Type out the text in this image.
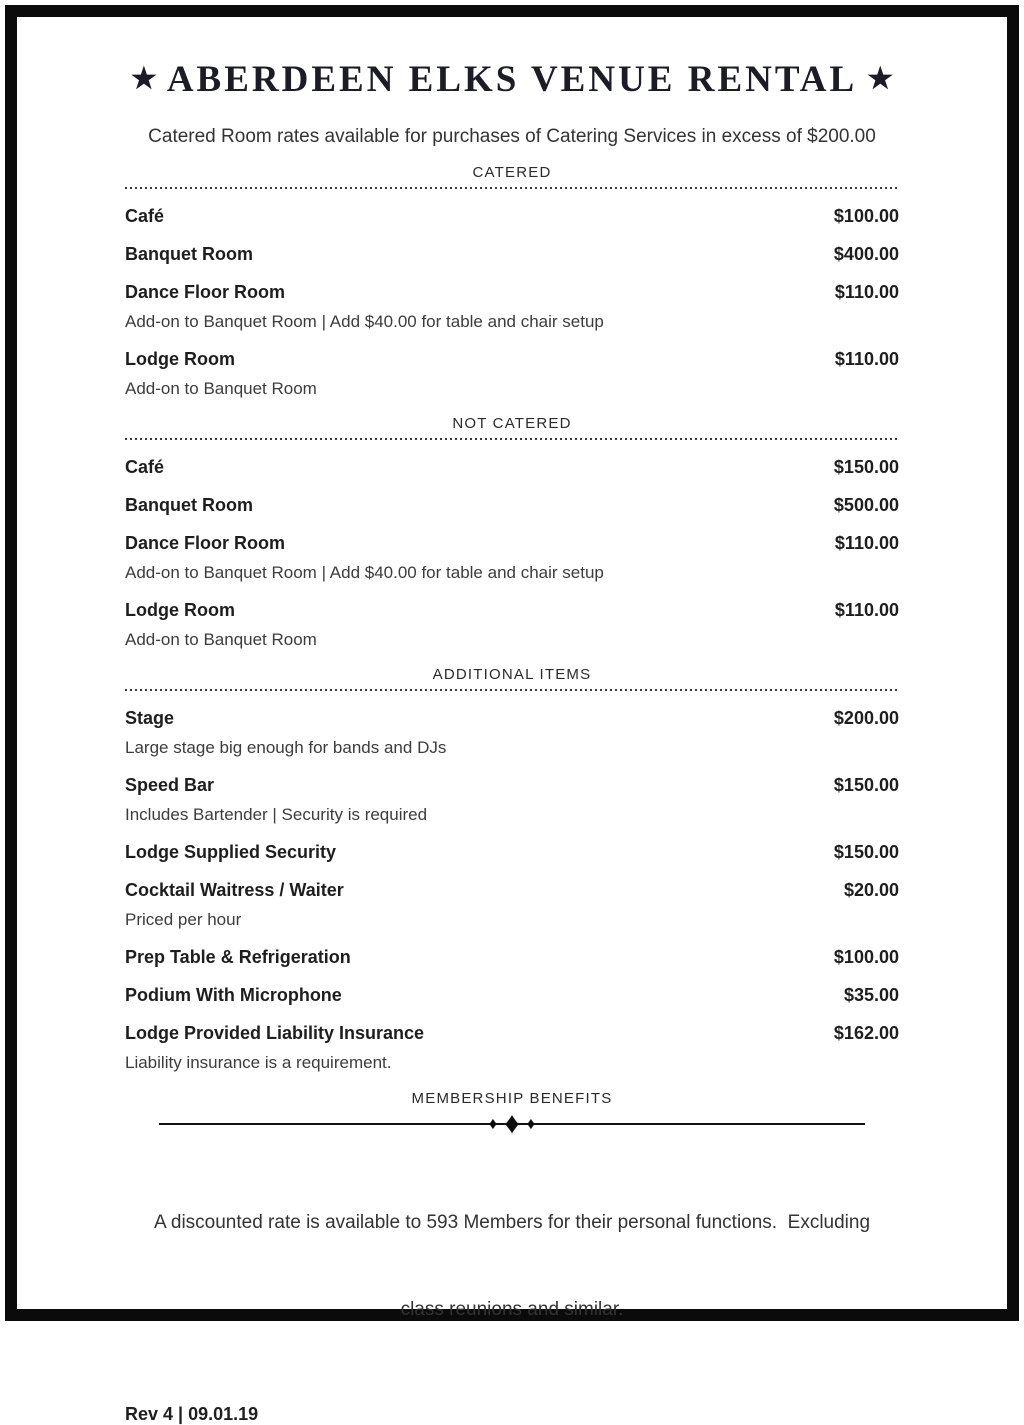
★ ABERDEEN ELKS VENUE RENTAL ★

Catered Room rates available for purchases of Catering Services in excess of $200.00

CATERED
Café	$100.00
Banquet Room	$400.00
Dance Floor Room	$110.00
Add-on to Banquet Room | Add $40.00 for table and chair setup
Lodge Room	$110.00
Add-on to Banquet Room
NOT CATERED
Café	$150.00
Banquet Room	$500.00
Dance Floor Room	$110.00
Add-on to Banquet Room | Add $40.00 for table and chair setup
Lodge Room	$110.00
Add-on to Banquet Room
ADDITIONAL ITEMS
Stage	$200.00
Large stage big enough for bands and DJs
Speed Bar	$150.00
Includes Bartender | Security is required
Lodge Supplied Security	$150.00
Cocktail Waitress / Waiter	$20.00
Priced per hour
Prep Table & Refrigeration	$100.00
Podium With Microphone	$35.00
Lodge Provided Liability Insurance	$162.00
Liability insurance is a requirement.
MEMBERSHIP BENEFITS
♦ ♦ ♦

A discounted rate is available to 593 Members for their personal functions.  Excluding

class reunions and similar.

Rev 4 | 09.01.19
